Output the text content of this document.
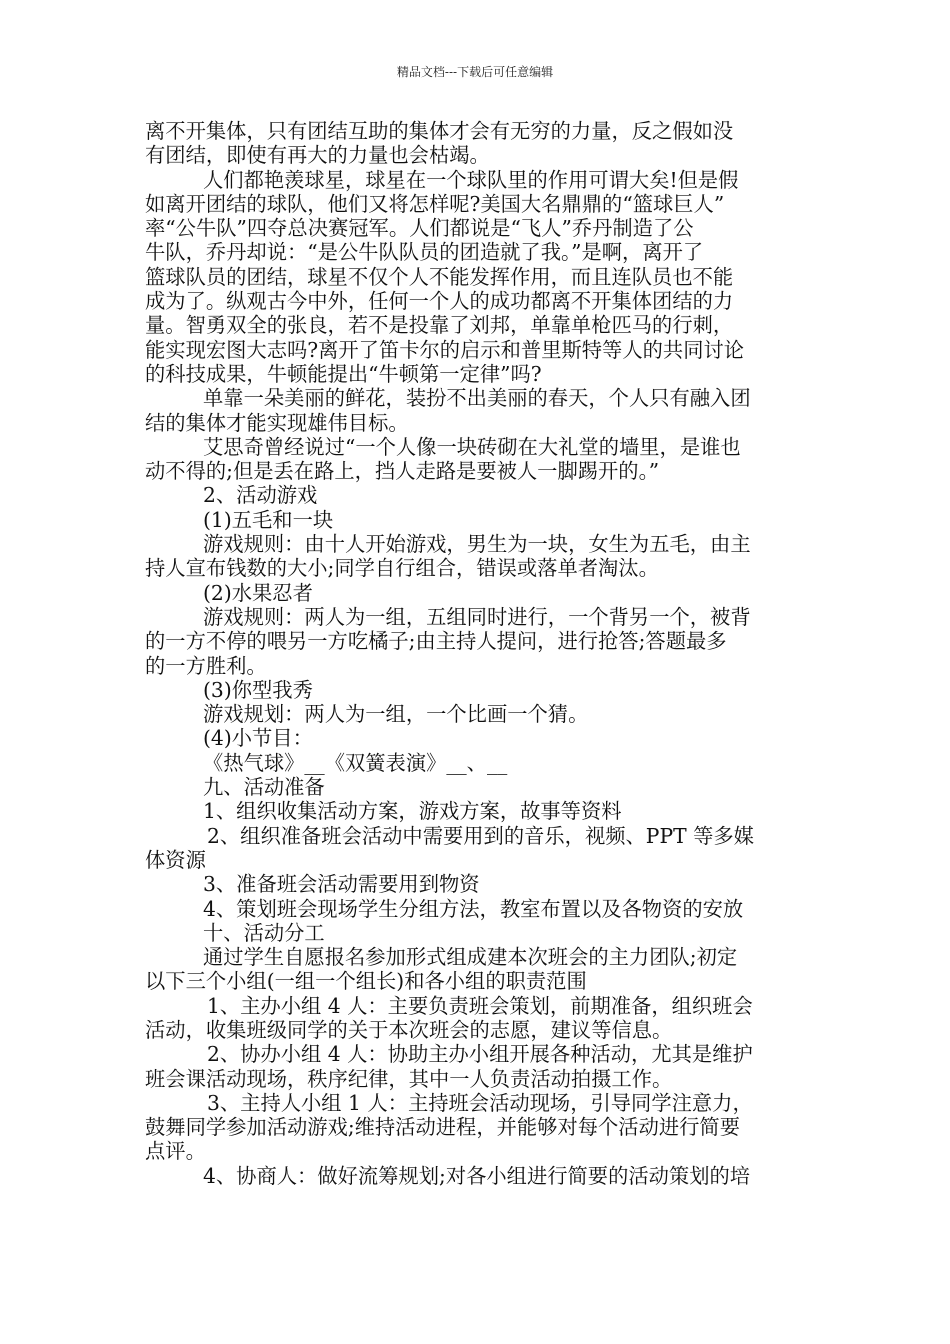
精品文档---下载后可任意编辑
离不开集体，只有团结互助的集体才会有无穷的力量，反之假如没
有团结，即使有再大的力量也会枯竭。
人们都艳羡球星，球星在一个球队里的作用可谓大矣!但是假
如离开团结的球队，他们又将怎样呢?美国大名鼎鼎的“篮球巨人”
率“公牛队”四夺总决赛冠军。人们都说是“飞人”乔丹制造了公
牛队，乔丹却说：“是公牛队队员的团造就了我。”是啊，离开了
篮球队员的团结，球星不仅个人不能发挥作用，而且连队员也不能
成为了。纵观古今中外，任何一个人的成功都离不开集体团结的力
量。智勇双全的张良，若不是投靠了刘邦，单靠单枪匹马的行刺，
能实现宏图大志吗?离开了笛卡尔的启示和普里斯特等人的共同讨论
的科技成果，牛顿能提出“牛顿第一定律”吗?
单靠一朵美丽的鲜花，装扮不出美丽的春天，个人只有融入团
结的集体才能实现雄伟目标。
艾思奇曾经说过“一个人像一块砖砌在大礼堂的墙里，是谁也
动不得的;但是丢在路上，挡人走路是要被人一脚踢开的。”
2、活动游戏
(1)五毛和一块
游戏规则：由十人开始游戏，男生为一块，女生为五毛，由主
持人宣布钱数的大小;同学自行组合，错误或落单者淘汰。
(2)水果忍者
游戏规则：两人为一组，五组同时进行，一个背另一个，被背
的一方不停的喂另一方吃橘子;由主持人提问，进行抢答;答题最多
的一方胜利。
(3)你型我秀
游戏规划：两人为一组，一个比画一个猜。
(4)小节目：
《热气球》__《双簧表演》__、__
九、活动准备
1、组织收集活动方案，游戏方案，故事等资料
2、组织准备班会活动中需要用到的音乐，视频、PPT 等多媒
体资源
3、准备班会活动需要用到物资
4、策划班会现场学生分组方法，教室布置以及各物资的安放
十、活动分工
通过学生自愿报名参加形式组成建本次班会的主力团队;初定
以下三个小组(一组一个组长)和各小组的职责范围
1、主办小组 4 人：主要负责班会策划，前期准备，组织班会
活动，收集班级同学的关于本次班会的志愿，建议等信息。
2、协办小组 4 人：协助主办小组开展各种活动，尤其是维护
班会课活动现场，秩序纪律，其中一人负责活动拍摄工作。
3、主持人小组 1 人：主持班会活动现场，引导同学注意力，
鼓舞同学参加活动游戏;维持活动进程，并能够对每个活动进行简要
点评。
4、协商人：做好流筹规划;对各小组进行简要的活动策划的培
